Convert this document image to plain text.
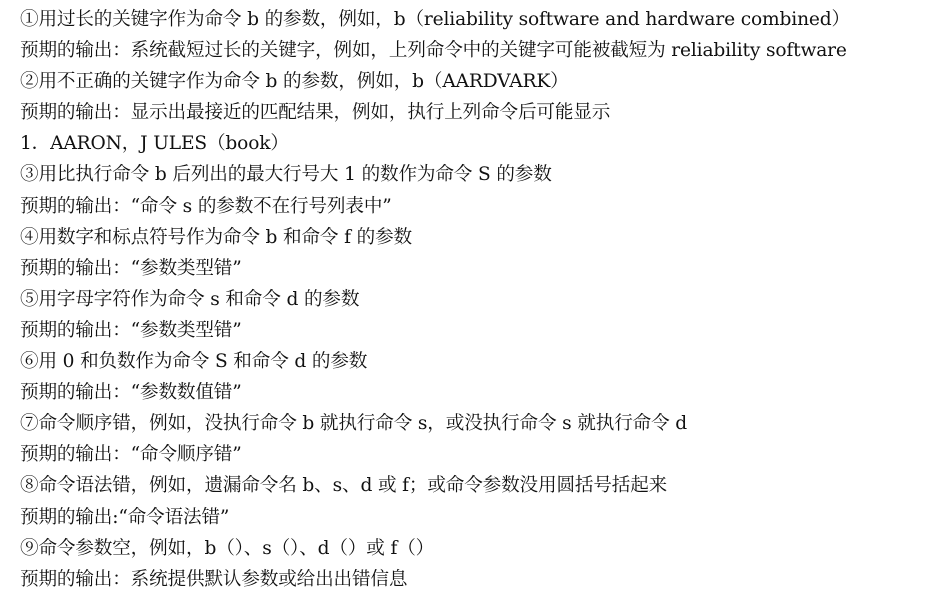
①用过长的关键字作为命令 b 的参数，例如，b（reliability software and hardware combined）
预期的输出：系统截短过长的关键字，例如，上列命令中的关键字可能被截短为 reliability software
②用不正确的关键字作为命令 b 的参数，例如，b（AARDVARK）
预期的输出：显示出最接近的匹配结果，例如，执行上列命令后可能显示
1．AARON，J ULES（book）
③用比执行命令 b 后列出的最大行号大 1 的数作为命令 S 的参数
预期的输出：“命令 s 的参数不在行号列表中”
④用数字和标点符号作为命令 b 和命令 f 的参数
预期的输出：“参数类型错”
⑤用字母字符作为命令 s 和命令 d 的参数
预期的输出：“参数类型错”
⑥用 0 和负数作为命令 S 和命令 d 的参数
预期的输出：“参数数值错”
⑦命令顺序错，例如，没执行命令 b 就执行命令 s，或没执行命令 s 就执行命令 d
预期的输出：“命令顺序错”
⑧命令语法错，例如，遗漏命令名 b、s、d 或 f；或命令参数没用圆括号括起来
预期的输出:“命令语法错”
⑨命令参数空，例如，b（）、s（）、d（）或 f（）
预期的输出：系统提供默认参数或给出出错信息
